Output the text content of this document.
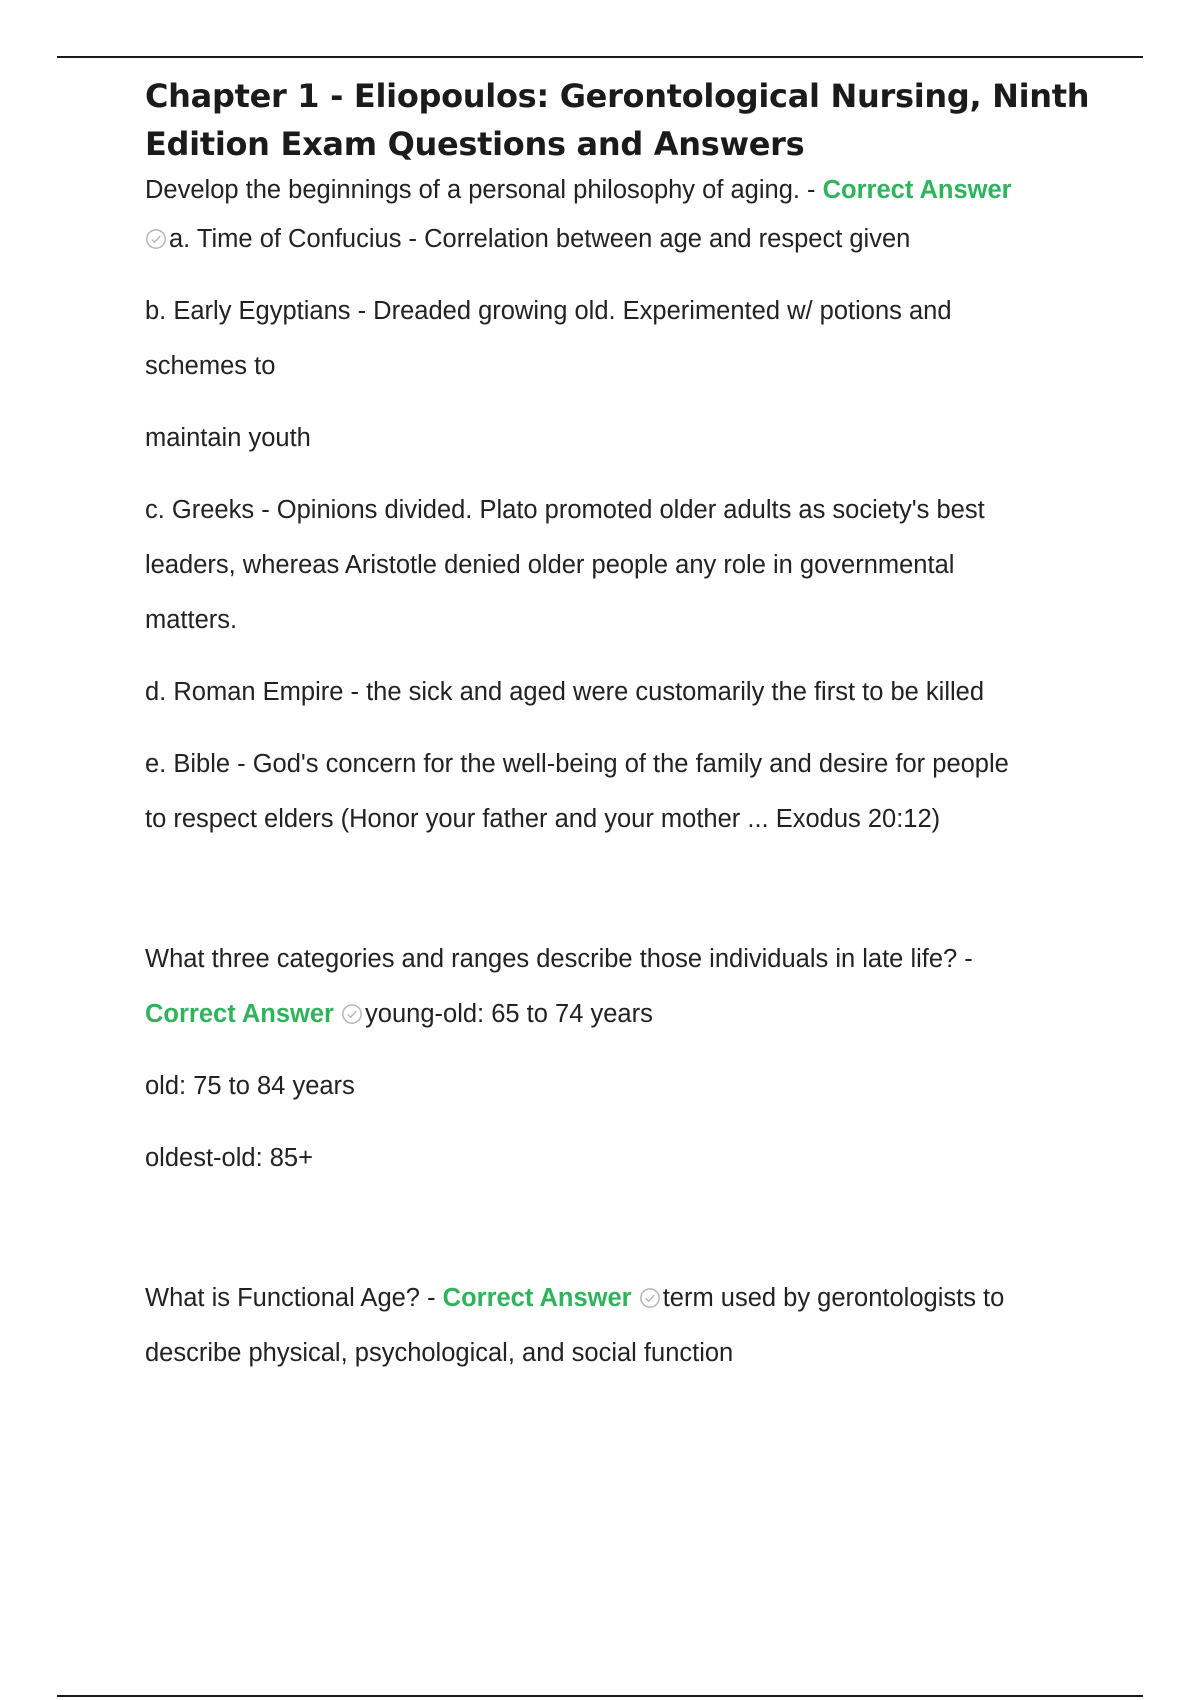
Chapter 1 - Eliopoulos: Gerontological Nursing, Ninth
Edition Exam Questions and Answers

Develop the beginnings of a personal philosophy of aging. - Correct Answer

a. Time of Confucius - Correlation between age and respect given

b. Early Egyptians - Dreaded growing old. Experimented w/ potions and

schemes to

maintain youth

c. Greeks - Opinions divided. Plato promoted older adults as society's best

leaders, whereas Aristotle denied older people any role in governmental

matters.

d. Roman Empire - the sick and aged were customarily the first to be killed

e. Bible - God's concern for the well-being of the family and desire for people

to respect elders (Honor your father and your mother ... Exodus 20:12)

What three categories and ranges describe those individuals in late life? -

Correct Answer young-old: 65 to 74 years

old: 75 to 84 years

oldest-old: 85+

What is Functional Age? - Correct Answer term used by gerontologists to

describe physical, psychological, and social function
